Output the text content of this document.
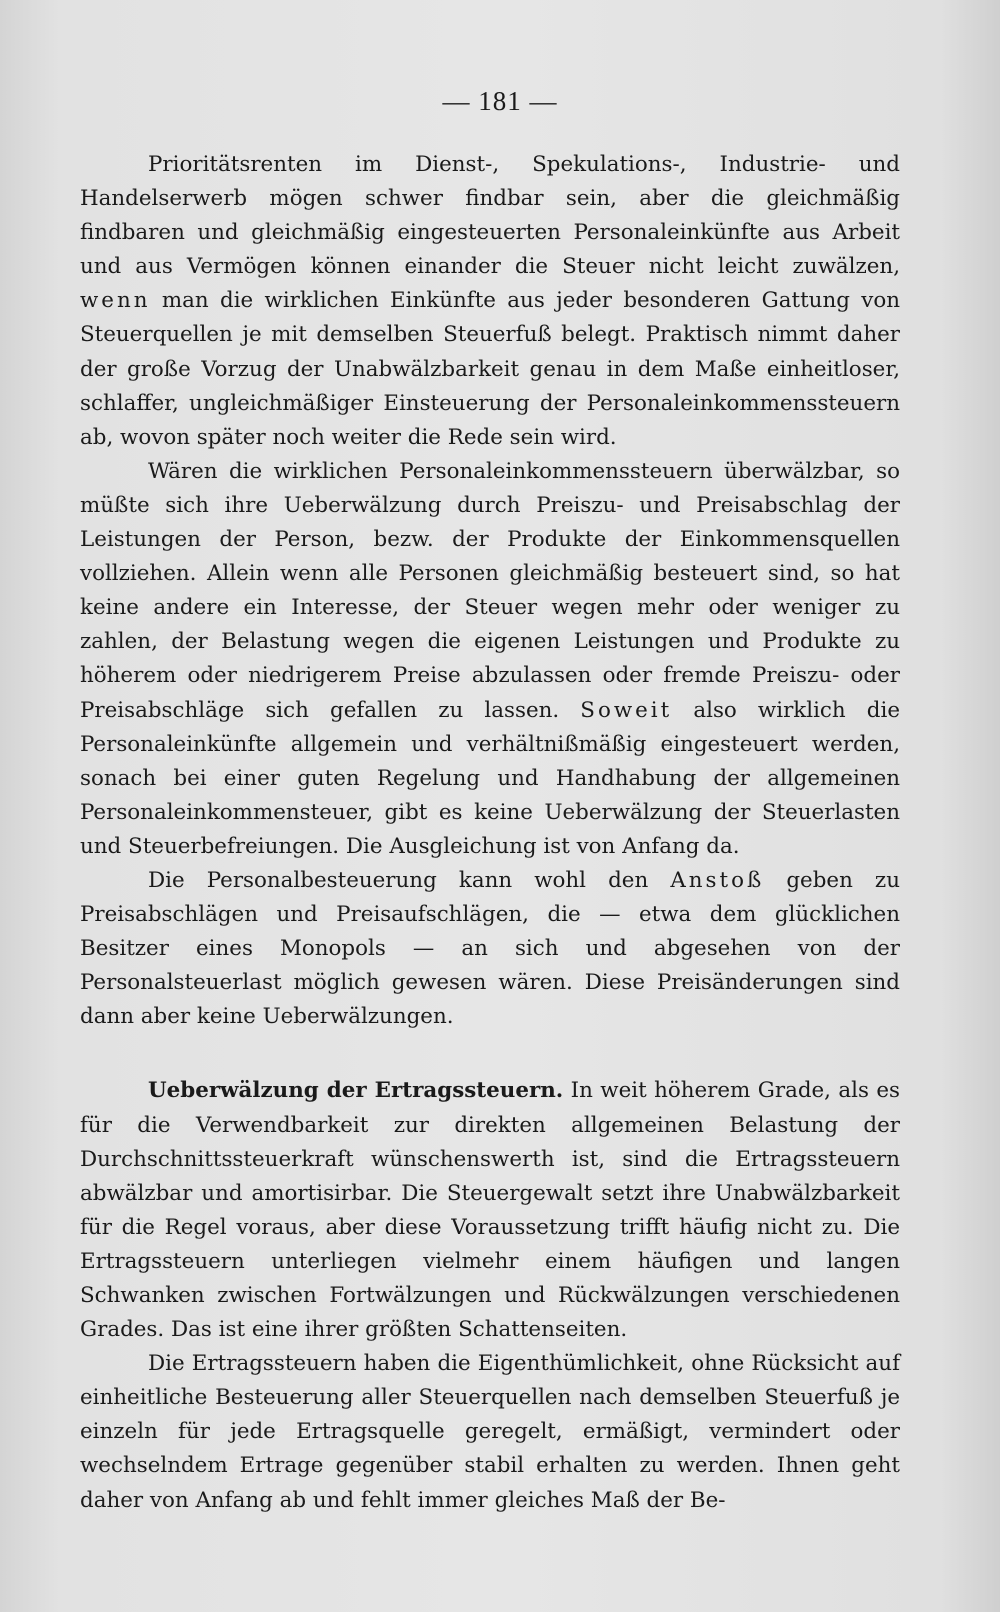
— 181 —

Prioritätsrenten im Dienst-, Spekulations-, Industrie- und Handelserwerb mögen schwer findbar sein, aber die gleichmäßig findbaren und gleichmäßig eingesteuerten Personaleinkünfte aus Arbeit und aus Vermögen können einander die Steuer nicht leicht zuwälzen, wenn man die wirklichen Einkünfte aus jeder besonderen Gattung von Steuerquellen je mit demselben Steuerfuß belegt. Praktisch nimmt daher der große Vorzug der Unabwälzbarkeit genau in dem Maße einheitloser, schlaffer, ungleichmäßiger Einsteuerung der Personaleinkommenssteuern ab, wovon später noch weiter die Rede sein wird.

Wären die wirklichen Personaleinkommenssteuern überwälzbar, so müßte sich ihre Ueberwälzung durch Preiszu- und Preisabschlag der Leistungen der Person, bezw. der Produkte der Einkommensquellen vollziehen. Allein wenn alle Personen gleichmäßig besteuert sind, so hat keine andere ein Interesse, der Steuer wegen mehr oder weniger zu zahlen, der Belastung wegen die eigenen Leistungen und Produkte zu höherem oder niedrigerem Preise abzulassen oder fremde Preiszu- oder Preisabschläge sich gefallen zu lassen. Soweit also wirklich die Personaleinkünfte allgemein und verhältnißmäßig eingesteuert werden, sonach bei einer guten Regelung und Handhabung der allgemeinen Personaleinkommensteuer, gibt es keine Ueberwälzung der Steuerlasten und Steuerbefreiungen. Die Ausgleichung ist von Anfang da.

Die Personalbesteuerung kann wohl den Anstoß geben zu Preisabschlägen und Preisaufschlägen, die — etwa dem glücklichen Besitzer eines Monopols — an sich und abgesehen von der Personalsteuerlast möglich gewesen wären. Diese Preisänderungen sind dann aber keine Ueberwälzungen.

Ueberwälzung der Ertragssteuern. In weit höherem Grade, als es für die Verwendbarkeit zur direkten allgemeinen Belastung der Durchschnittssteuerkraft wünschenswerth ist, sind die Ertragssteuern abwälzbar und amortisirbar. Die Steuergewalt setzt ihre Unabwälzbarkeit für die Regel voraus, aber diese Voraussetzung trifft häufig nicht zu. Die Ertragssteuern unterliegen vielmehr einem häufigen und langen Schwanken zwischen Fortwälzungen und Rückwälzungen verschiedenen Grades. Das ist eine ihrer größten Schattenseiten.

Die Ertragssteuern haben die Eigenthümlichkeit, ohne Rücksicht auf einheitliche Besteuerung aller Steuerquellen nach demselben Steuerfuß je einzeln für jede Ertragsquelle geregelt, ermäßigt, vermindert oder wechselndem Ertrage gegenüber stabil erhalten zu werden. Ihnen geht daher von Anfang ab und fehlt immer gleiches Maß der Be-
